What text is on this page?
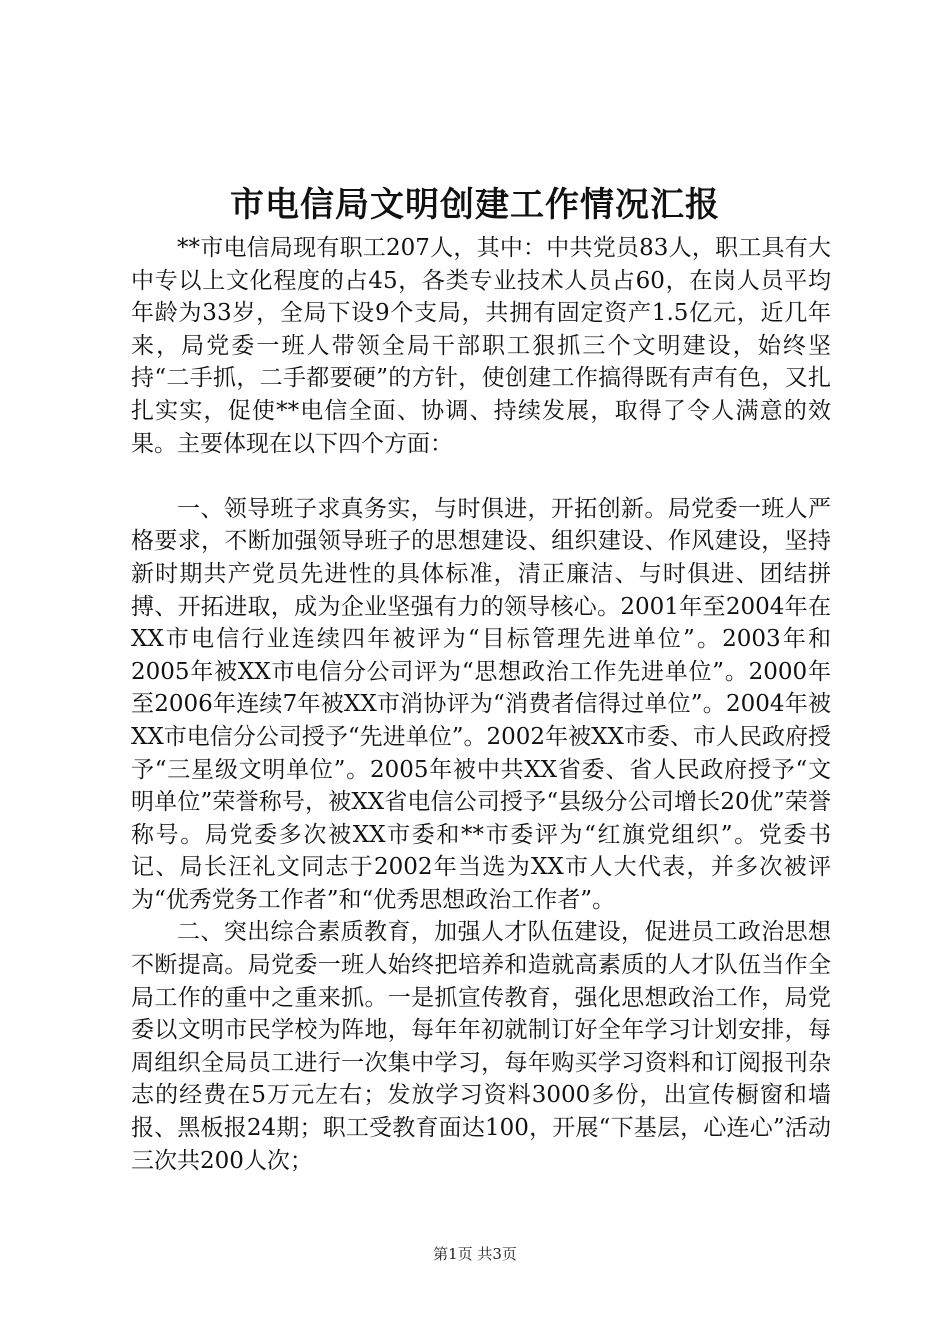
市电信局文明创建工作情况汇报

**市电信局现有职工207人，其中：中共党员83人，职工具有大中专以上文化程度的占45，各类专业技术人员占60，在岗人员平均年龄为33岁，全局下设9个支局，共拥有固定资产1.5亿元，近几年来，局党委一班人带领全局干部职工狠抓三个文明建设，始终坚持“二手抓，二手都要硬”的方针，使创建工作搞得既有声有色，又扎扎实实，促使**电信全面、协调、持续发展，取得了令人满意的效果。主要体现在以下四个方面：

一、领导班子求真务实，与时俱进，开拓创新。局党委一班人严格要求，不断加强领导班子的思想建设、组织建设、作风建设，坚持新时期共产党员先进性的具体标准，清正廉洁、与时俱进、团结拼搏、开拓进取，成为企业坚强有力的领导核心。2001年至2004年在XX市电信行业连续四年被评为“目标管理先进单位”。2003年和2005年被XX市电信分公司评为“思想政治工作先进单位”。2000年至2006年连续7年被XX市消协评为“消费者信得过单位”。2004年被XX市电信分公司授予“先进单位”。2002年被XX市委、市人民政府授予“三星级文明单位”。2005年被中共XX省委、省人民政府授予“文明单位”荣誉称号，被XX省电信公司授予“县级分公司增长20优”荣誉称号。局党委多次被XX市委和**市委评为“红旗党组织”。党委书记、局长汪礼文同志于2002年当选为XX市人大代表，并多次被评为“优秀党务工作者”和“优秀思想政治工作者”。

二、突出综合素质教育，加强人才队伍建设，促进员工政治思想不断提高。局党委一班人始终把培养和造就高素质的人才队伍当作全局工作的重中之重来抓。一是抓宣传教育，强化思想政治工作，局党委以文明市民学校为阵地，每年年初就制订好全年学习计划安排，每周组织全局员工进行一次集中学习，每年购买学习资料和订阅报刊杂志的经费在5万元左右；发放学习资料3000多份，出宣传橱窗和墙报、黑板报24期；职工受教育面达100，开展“下基层，心连心”活动三次共200人次；

第1页 共3页
